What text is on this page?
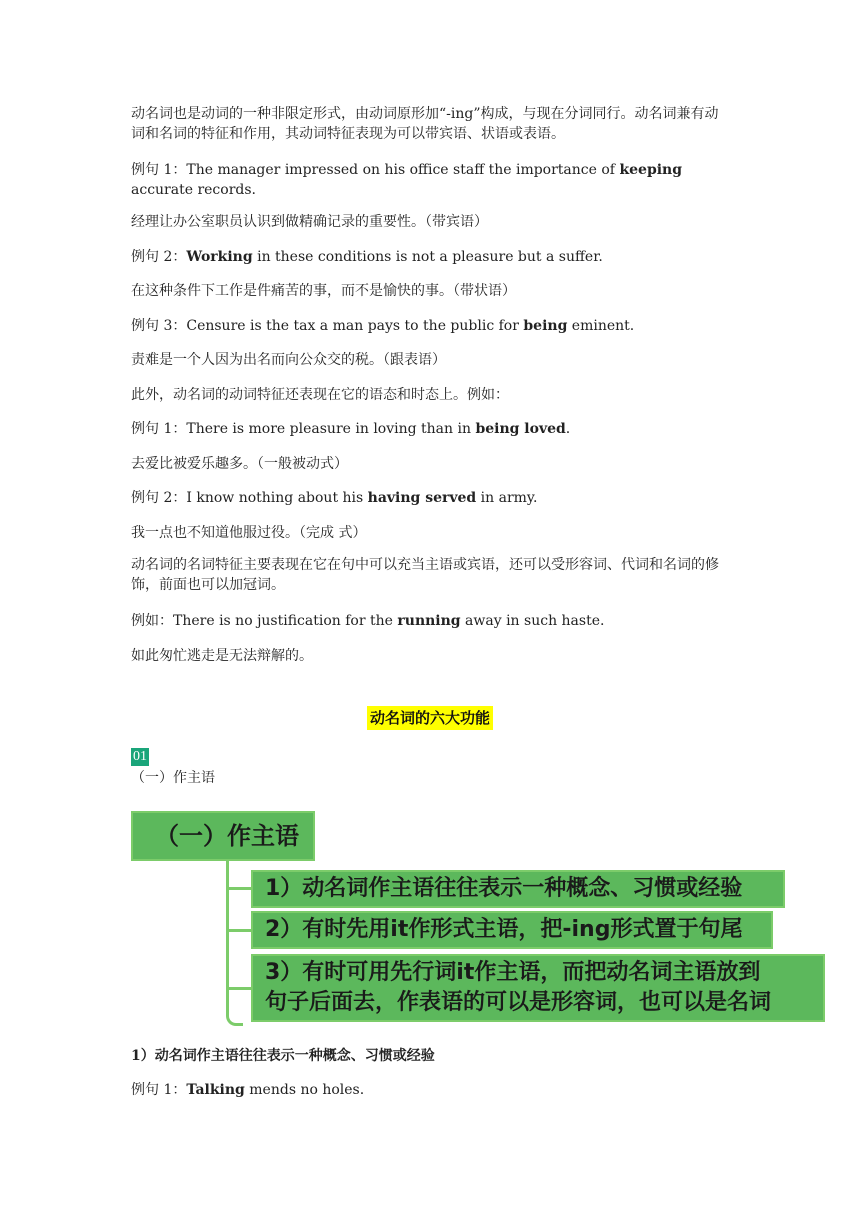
动名词也是动词的一种非限定形式，由动词原形加“-ing”构成，与现在分词同行。动名词兼有动词和名词的特征和作用，其动词特征表现为可以带宾语、状语或表语。

例句 1：The manager impressed on his office staff the importance of keeping accurate records.

经理让办公室职员认识到做精确记录的重要性。（带宾语）

例句 2：Working in these conditions is not a pleasure but a suffer.

在这种条件下工作是件痛苦的事，而不是愉快的事。（带状语）

例句 3：Censure is the tax a man pays to the public for being eminent.

责难是一个人因为出名而向公众交的税。（跟表语）

此外，动名词的动词特征还表现在它的语态和时态上。例如：

例句 1：There is more pleasure in loving than in being loved.

去爱比被爱乐趣多。（一般被动式）

例句 2：I know nothing about his having served in army.

我一点也不知道他服过役。（完成 式）

动名词的名词特征主要表现在它在句中可以充当主语或宾语，还可以受形容词、代词和名词的修饰，前面也可以加冠词。

例如：There is no justification for the running away in such haste.

如此匆忙逃走是无法辩解的。

动名词的六大功能
01

（一）作主语

（一）作主语
1）动名词作主语往往表示一种概念、习惯或经验
2）有时先用it作形式主语，把-ing形式置于句尾
3）有时可用先行词it作主语，而把动名词主语放到
句子后面去，作表语的可以是形容词，也可以是名词

1）动名词作主语往往表示一种概念、习惯或经验

例句 1：Talking mends no holes.
